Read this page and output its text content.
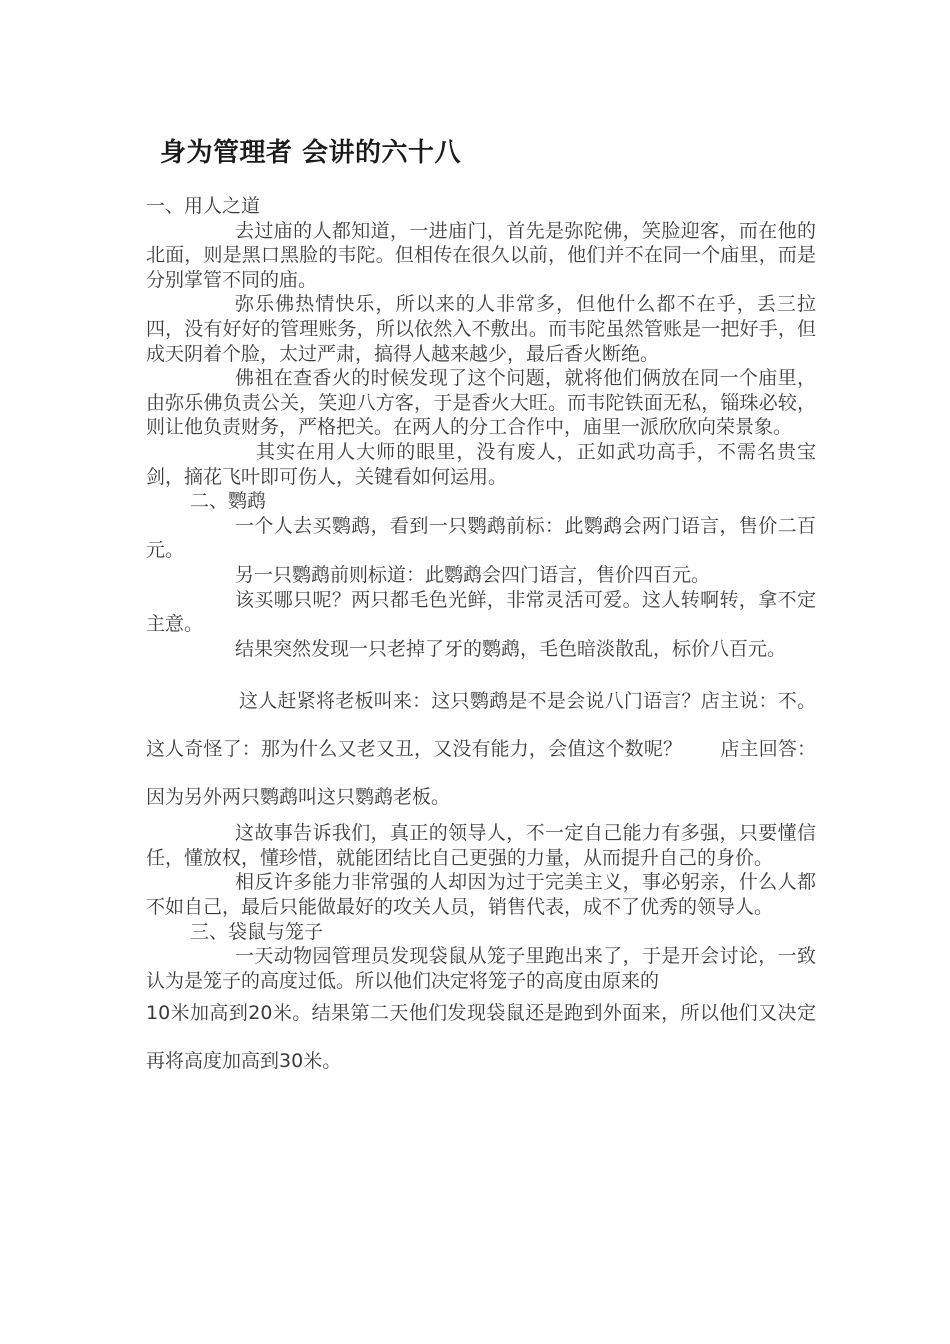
身为管理者 会讲的六十八

一、用人之道

去过庙的人都知道，一进庙门，首先是弥陀佛，笑脸迎客，而在他的北面，则是黑口黑脸的韦陀。但相传在很久以前，他们并不在同一个庙里，而是分别掌管不同的庙。

弥乐佛热情快乐，所以来的人非常多，但他什么都不在乎，丢三拉四，没有好好的管理账务，所以依然入不敷出。而韦陀虽然管账是一把好手，但成天阴着个脸，太过严肃，搞得人越来越少，最后香火断绝。

佛祖在查香火的时候发现了这个问题，就将他们俩放在同一个庙里，由弥乐佛负责公关，笑迎八方客，于是香火大旺。而韦陀铁面无私，锱珠必较，则让他负责财务，严格把关。在两人的分工合作中，庙里一派欣欣向荣景象。

其实在用人大师的眼里，没有废人，正如武功高手，不需名贵宝剑，摘花飞叶即可伤人，关键看如何运用。

二、鹦鹉

一个人去买鹦鹉，看到一只鹦鹉前标：此鹦鹉会两门语言，售价二百元。

另一只鹦鹉前则标道：此鹦鹉会四门语言，售价四百元。

该买哪只呢？两只都毛色光鲜，非常灵活可爱。这人转啊转，拿不定主意。

结果突然发现一只老掉了牙的鹦鹉，毛色暗淡散乱，标价八百元。

这人赶紧将老板叫来：这只鹦鹉是不是会说八门语言？店主说：不。这人奇怪了：那为什么又老又丑，又没有能力，会值这个数呢？　　店主回答：因为另外两只鹦鹉叫这只鹦鹉老板。

这故事告诉我们，真正的领导人，不一定自己能力有多强，只要懂信任，懂放权，懂珍惜，就能团结比自己更强的力量，从而提升自己的身价。

相反许多能力非常强的人却因为过于完美主义，事必躬亲，什么人都不如自己，最后只能做最好的攻关人员，销售代表，成不了优秀的领导人。

三、袋鼠与笼子

一天动物园管理员发现袋鼠从笼子里跑出来了，于是开会讨论，一致认为是笼子的高度过低。所以他们决定将笼子的高度由原来的

10米加高到20米。结果第二天他们发现袋鼠还是跑到外面来，所以他们又决定再将高度加高到30米。
